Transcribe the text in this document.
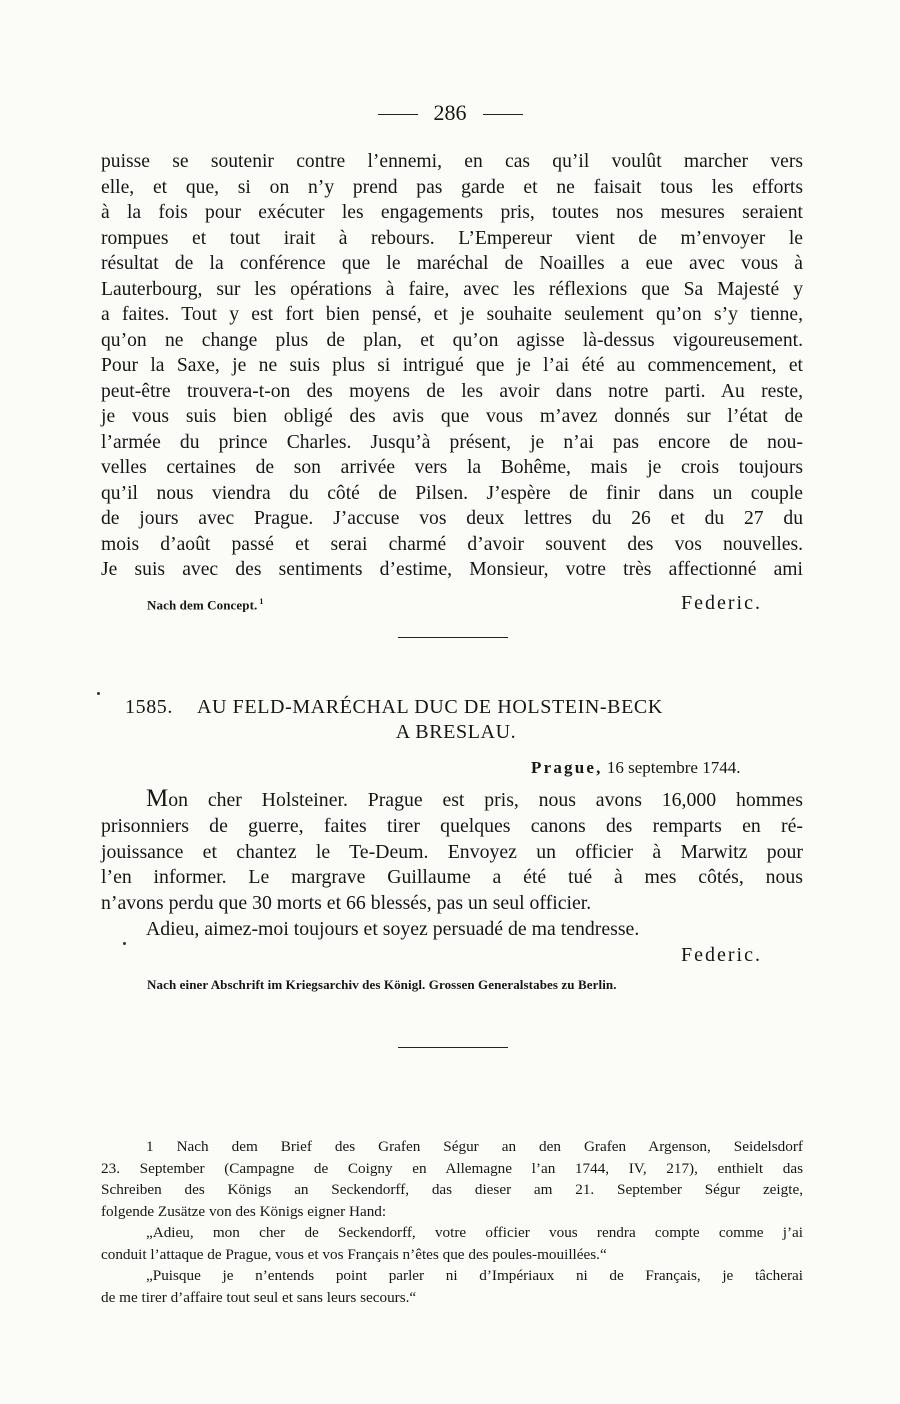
286
puisse se soutenir contre l’ennemi, en cas qu’il voulût marcher vers
elle, et que, si on n’y prend pas garde et ne faisait tous les efforts
à la fois pour exécuter les engagements pris, toutes nos mesures seraient
rompues et tout irait à rebours. L’Empereur vient de m’envoyer le
résultat de la conférence que le maréchal de Noailles a eue avec vous à
Lauterbourg, sur les opérations à faire, avec les réflexions que Sa Majesté y
a faites. Tout y est fort bien pensé, et je souhaite seulement qu’on s’y tienne,
qu’on ne change plus de plan, et qu’on agisse là-dessus vigoureusement.
Pour la Saxe, je ne suis plus si intrigué que je l’ai été au commencement, et
peut-être trouvera-t-on des moyens de les avoir dans notre parti. Au reste,
je vous suis bien obligé des avis que vous m’avez donnés sur l’état de
l’armée du prince Charles. Jusqu’à présent, je n’ai pas encore de nou-
velles certaines de son arrivée vers la Bohême, mais je crois toujours
qu’il nous viendra du côté de Pilsen. J’espère de finir dans un couple
de jours avec Prague. J’accuse vos deux lettres du 26 et du 27 du
mois d’août passé et serai charmé d’avoir souvent des vos nouvelles.
Je suis avec des sentiments d’estime, Monsieur, votre très affectionné ami
Nach dem Concept. $^1$	Federic.
1585. AU FELD-MARÉCHAL DUC DE HOLSTEIN-BECK
A BRESLAU.
Prague, 16 septembre 1744.
Mon cher Holsteiner. Prague est pris, nous avons 16,000 hommes
prisonniers de guerre, faites tirer quelques canons des remparts en ré-
jouissance et chantez le Te-Deum. Envoyez un officier à Marwitz pour
l’en informer. Le margrave Guillaume a été tué à mes côtés, nous
n’avons perdu que 30 morts et 66 blessés, pas un seul officier.
Adieu, aimez-moi toujours et soyez persuadé de ma tendresse.
Federic.
Nach einer Abschrift im Kriegsarchiv des Königl. Grossen Generalstabes zu Berlin.
1 Nach dem Brief des Grafen Ségur an den Grafen Argenson, Seidelsdorf
23. September (Campagne de Coigny en Allemagne l’an 1744, IV, 217), enthielt das
Schreiben des Königs an Seckendorff, das dieser am 21. September Ségur zeigte,
folgende Zusätze von des Königs eigner Hand:
„Adieu, mon cher de Seckendorff, votre officier vous rendra compte comme j’ai
conduit l’attaque de Prague, vous et vos Français n’êtes que des poules-mouillées.“
„Puisque je n’entends point parler ni d’Impériaux ni de Français, je tâcherai
de me tirer d’affaire tout seul et sans leurs secours.“
